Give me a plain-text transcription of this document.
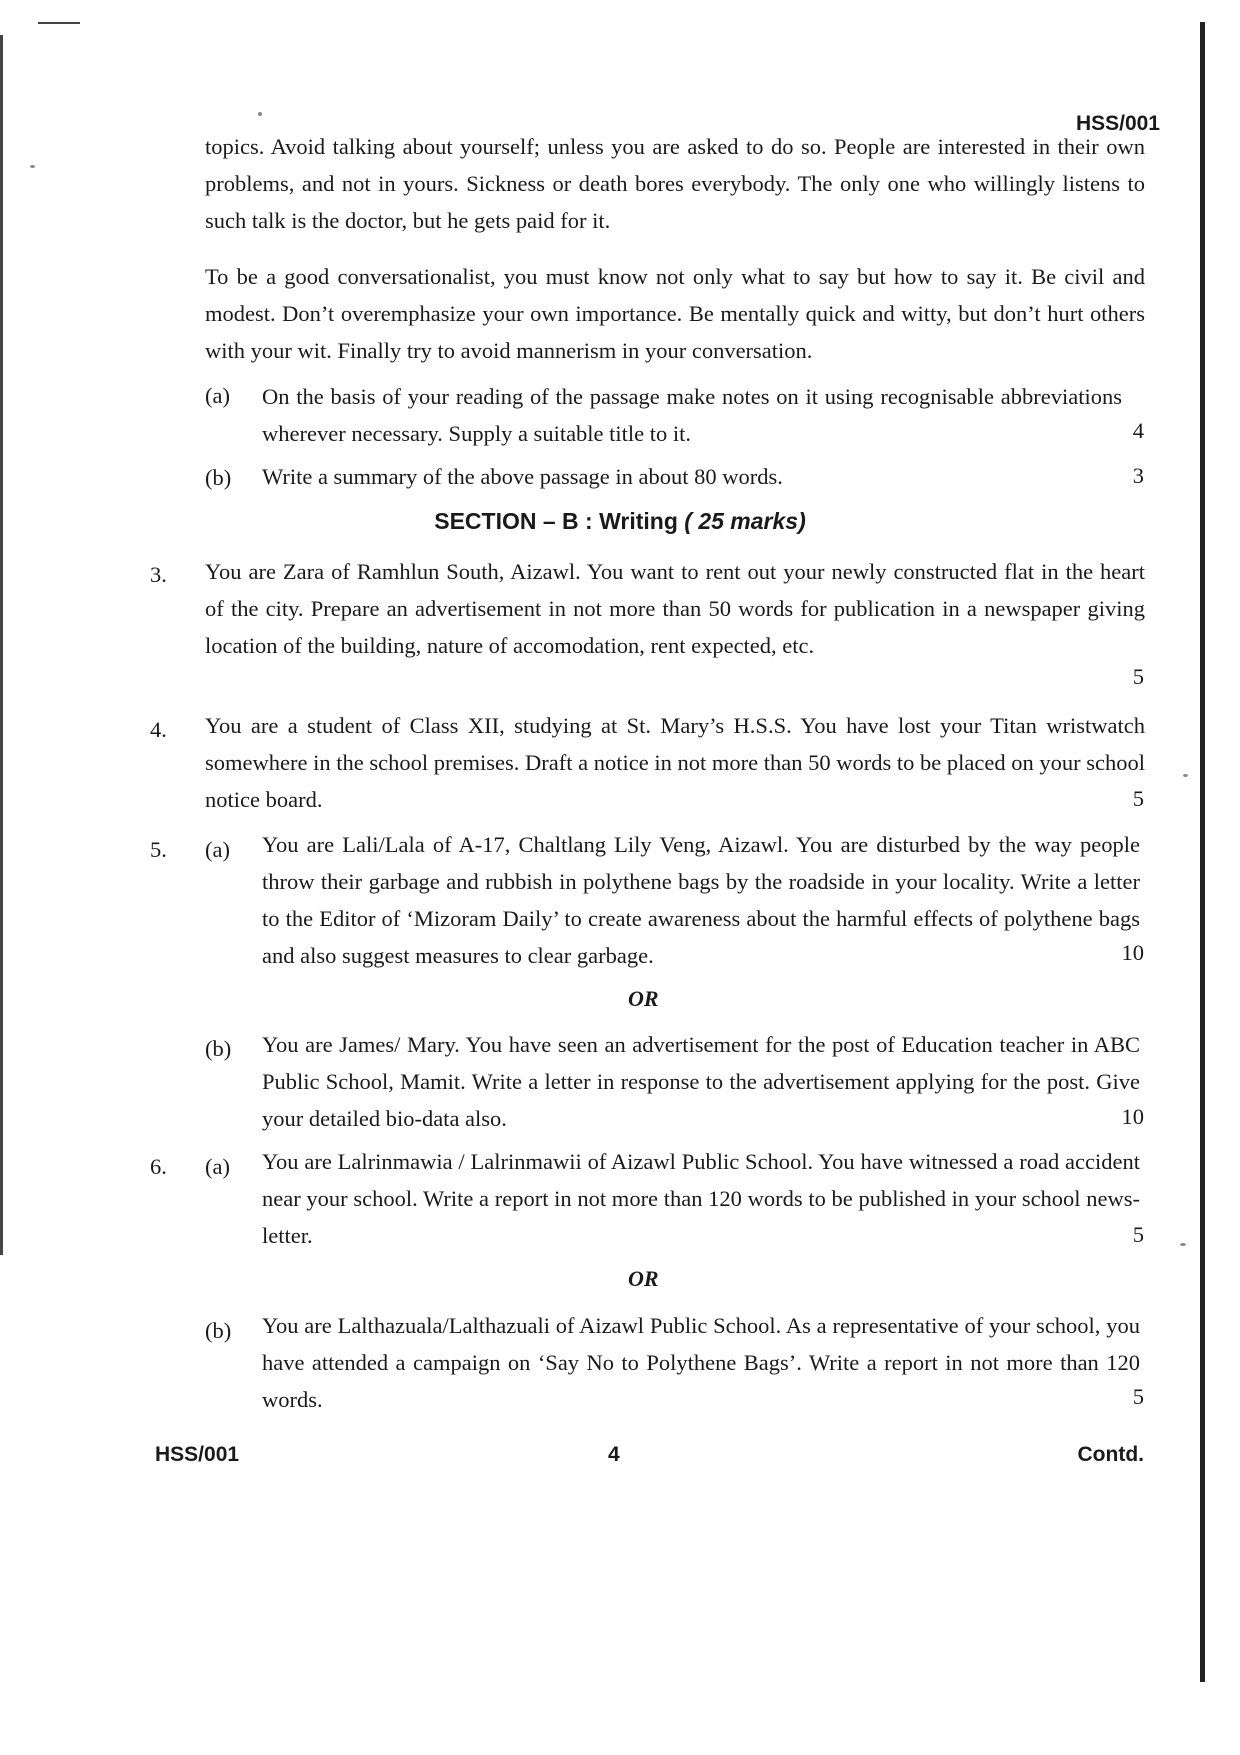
HSS/001

topics. Avoid talking about yourself; unless you are asked to do so. People are interested in their own problems, and not in yours. Sickness or death bores everybody. The only one who willingly listens to such talk is the doctor, but he gets paid for it.

To be a good conversationalist, you must know not only what to say but how to say it. Be civil and modest. Don’t overemphasize your own importance. Be mentally quick and witty, but don’t hurt others with your wit. Finally try to avoid mannerism in your conversation.

(a) On the basis of your reading of the passage make notes on it using recognisable abbreviations wherever necessary. Supply a suitable title to it.	4
(b) Write a summary of the above passage in about 80 words.	3
SECTION – B : Writing ( 25 marks)
3. You are Zara of Ramhlun South, Aizawl. You want to rent out your newly constructed flat in the heart of the city. Prepare an advertisement in not more than 50 words for publication in a newspaper giving location of the building, nature of accomodation, rent expected, etc.
5
4. You are a student of Class XII, studying at St. Mary’s H.S.S. You have lost your Titan wristwatch somewhere in the school premises. Draft a notice in not more than 50 words to be placed on your school notice board.	5
5. (a) You are Lali/Lala of A-17, Chaltlang Lily Veng, Aizawl. You are disturbed by the way people throw their garbage and rubbish in polythene bags by the roadside in your locality. Write a letter to the Editor of ‘Mizoram Daily’ to create awareness about the harmful effects of polythene bags and also suggest measures to clear garbage.	10
OR
(b) You are James/ Mary. You have seen an advertisement for the post of Education teacher in ABC Public School, Mamit. Write a letter in response to the advertisement applying for the post. Give your detailed bio-data also.	10
6. (a) You are Lalrinmawia / Lalrinmawii of Aizawl Public School. You have witnessed a road accident near your school. Write a report in not more than 120 words to be published in your school news-letter.	5
OR
(b) You are Lalthazuala/Lalthazuali of Aizawl Public School. As a representative of your school, you have attended a campaign on ‘Say No to Polythene Bags’. Write a report in not more than 120 words.	5
HSS/001	4	Contd.
